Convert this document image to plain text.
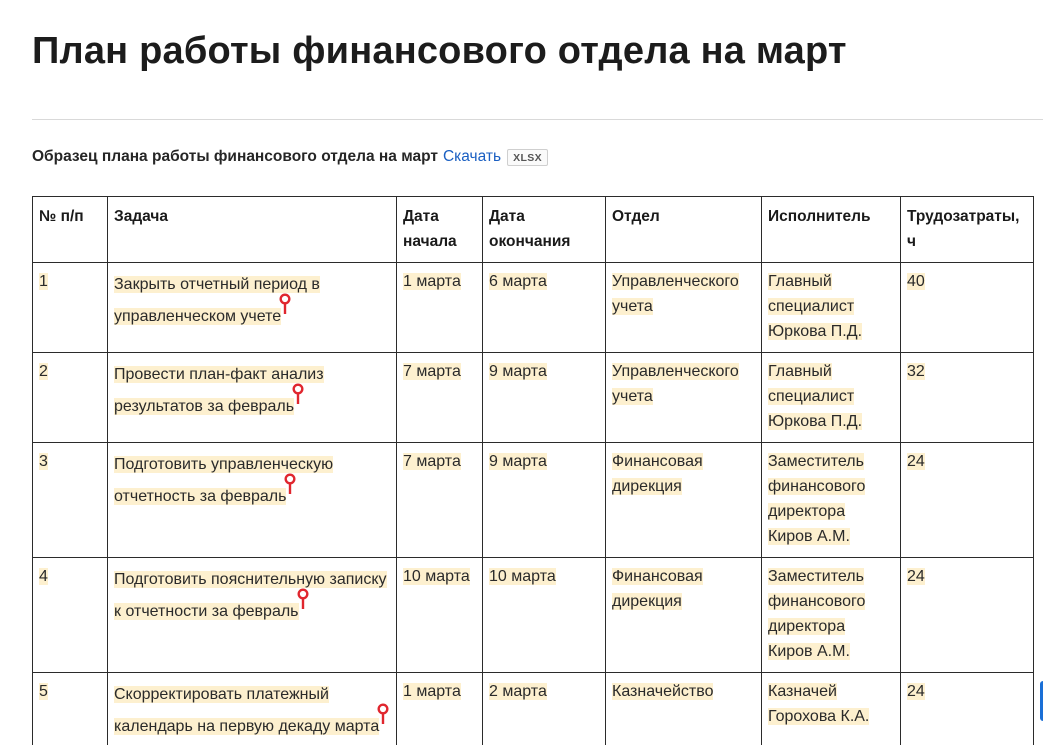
План работы финансового отдела на март
Образец плана работы финансового отдела на март Скачать	XLSX
№ п/п	Задача	Дата начала	Дата окончания	Отдел	Исполнитель	Трудозатраты, ч
1	Закрыть отчетный период в управленческом учете	1 марта	6 марта	Управленческого учета	Главный специалист Юркова П.Д.	40
2	Провести план-факт анализ результатов за февраль	7 марта	9 марта	Управленческого учета	Главный специалист Юркова П.Д.	32
3	Подготовить управленческую отчетность за февраль	7 марта	9 марта	Финансовая дирекция	Заместитель финансового директора Киров А.М.	24
4	Подготовить пояснительную записку к отчетности за февраль	10 марта	10 марта	Финансовая дирекция	Заместитель финансового директора Киров А.М.	24
5	Скорректировать платежный календарь на первую декаду марта	1 марта	2 марта	Казначейство	Казначей Горохова К.А.	24
